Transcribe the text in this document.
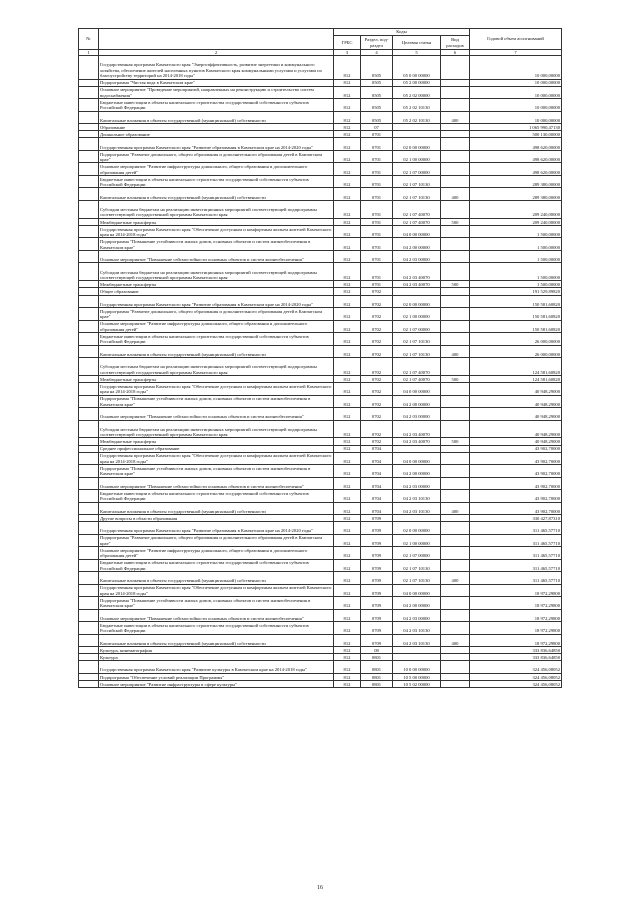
№		Коды				Годовой объем ассигнований
		ГРБС	Раздел, под-раздел	Целевая статья	Вид расходов	
1	2	3	4	5	6	7
	Государственная программа Камчатского края "Энергоэффективность, развитие энергетики и коммунального хозяйства, обеспечение жителей населенных пунктов Камчатского края коммунальными услугами и услугами по благоустройству территорий на 2014-2018 годы"	812	0505	05 0 00 00000		10 000,00000
	Подпрограмма "Чистая вода в Камчатском крае"	812	0505	05 2 00 00000		10 000,00000
	Основное мероприятие "Проведение мероприятий, направленных на реконструкцию и строительство систем водоснабжения"	812	0505	05 2 02 00000		10 000,00000
	Бюджетные инвестиции в объекты капитального строительства государственной собственности субъектов Российской Федерации	812	0505	05 2 02 10130		10 000,00000
	Капитальные вложения в объекты государственной (муниципальной) собственности	812	0505	05 2 02 10130	400	10 000,00000
	Образование	812	07			1 065 990,47130
	Дошкольное образование	812	0701			500 130,00000
	Государственная программа Камчатского края "Развитие образования в Камчатском крае на 2014-2020 годы"	812	0701	02 0 00 00000		498 620,00000
	Подпрограмма "Развитие дошкольного, общего образования и дополнительного образования детей в Камчатском крае"	812	0701	02 1 00 00000		498 620,00000
	Основное мероприятие "Развитие инфраструктуры дошкольного, общего образования и дополнительного образования детей"	812	0701	02 1 07 00000		498 620,00000
	Бюджетные инвестиции в объекты капитального строительства государственной собственности субъектов Российской Федерации	812	0701	02 1 07 10130		289 380,00000
	Капитальные вложения в объекты государственной (муниципальной) собственности	812	0701	02 1 07 10130	400	289 380,00000
	Субсидии местным бюджетам на реализацию инвестиционных мероприятий соответствующей подпрограммы соответствующей государственной программы Камчатского края	812	0701	02 1 07 40070		209 240,00000
	Межбюджетные трансферты	812	0701	02 1 07 40070	500	209 240,00000
	Государственная программа Камчатского края "Обеспечение доступным и комфортным жильем жителей Камчатского края на 2014-2018 годы"	812	0701	04 0 00 00000		1 500,00000
	Подпрограмма "Повышение устойчивости жилых домов, основных объектов и систем жизнеобеспечения в Камчатском крае"	812	0701	04 2 00 00000		1 500,00000
	Основное мероприятие "Повышение сейсмостойкости основных объектов и систем жизнеобеспечения"	812	0701	04 2 03 00000		1 500,00000
	Субсидии местным бюджетам на реализацию инвестиционных мероприятий соответствующей подпрограммы соответствующей государственной программы Камчатского края	812	0701	04 2 03 40070		1 500,00000
	Межбюджетные трансферты	812	0701	04 2 03 40070	500	1 500,00000
	Общее образование	812	0702			191 529,89820
	Государственная программа Камчатского края "Развитие образования в Камчатском крае на 2014-2020 годы"	812	0702	02 0 00 00000		150 581,60820
	Подпрограмма "Развитие дошкольного, общего образования и дополнительного образования детей в Камчатском крае"	812	0702	02 1 00 00000		150 581,60820
	Основное мероприятие "Развитие инфраструктуры дошкольного, общего образования и дополнительного образования детей"	812	0702	02 1 07 00000		150 581,60820
	Бюджетные инвестиции в объекты капитального строительства государственной собственности субъектов Российской Федерации	812	0702	02 1 07 10130		26 000,00000
	Капитальные вложения в объекты государственной (муниципальной) собственности	812	0702	02 1 07 10130	400	26 000,00000
	Субсидии местным бюджетам на реализацию инвестиционных мероприятий соответствующей подпрограммы соответствующей государственной программы Камчатского края	812	0702	02 1 07 40070		124 581,60820
	Межбюджетные трансферты	812	0702	02 1 07 40070	500	124 581,60820
	Государственная программа Камчатского края "Обеспечение доступным и комфортным жильем жителей Камчатского края на 2014-2018 годы"	812	0702	04 0 00 00000		40 948,29000
	Подпрограмма "Повышение устойчивости жилых домов, основных объектов и систем жизнеобеспечения в Камчатском крае"	812	0702	04 2 00 00000		40 948,29000
	Основное мероприятие "Повышение сейсмостойкости основных объектов и систем жизнеобеспечения"	812	0702	04 2 03 00000		40 948,29000
	Субсидии местным бюджетам на реализацию инвестиционных мероприятий соответствующей подпрограммы соответствующей государственной программы Камчатского края	812	0702	04 2 03 40070		40 948,29000
	Межбюджетные трансферты	812	0702	04 2 03 40070	500	40 948,29000
	Среднее профессиональное образование	812	0704			43 902,70000
	Государственная программа Камчатского края "Обеспечение доступным и комфортным жильем жителей Камчатского края на 2014-2018 годы"	812	0704	04 0 00 00000		43 902,70000
	Подпрограмма "Повышение устойчивости жилых домов, основных объектов и систем жизнеобеспечения в Камчатском крае"	812	0704	04 2 00 00000		43 902,70000
	Основное мероприятие "Повышение сейсмостойкости основных объектов и систем жизнеобеспечения"	812	0704	04 2 03 00000		43 902,70000
	Бюджетные инвестиции в объекты капитального строительства государственной собственности субъектов Российской Федерации	812	0704	04 2 03 10130		43 902,70000
	Капитальные вложения в объекты государственной (муниципальной) собственности	812	0704	04 2 03 10130	400	43 902,70000
	Другие вопросы в области образования	812	0709			330 427,87310
	Государственная программа Камчатского края "Развитие образования в Камчатском крае на 2014-2020 годы"	812	0709	02 0 00 00000		311 465,57710
	Подпрограмма "Развитие дошкольного, общего образования и дополнительного образования детей в Камчатском крае"	812	0709	02 1 00 00000		311 465,57710
	Основное мероприятие "Развитие инфраструктуры дошкольного, общего образования и дополнительного образования детей"	812	0709	02 1 07 00000		311 465,57710
	Бюджетные инвестиции в объекты капитального строительства государственной собственности субъектов Российской Федерации	812	0709	02 1 07 10130		311 465,57710
	Капитальные вложения в объекты государственной (муниципальной) собственности	812	0709	02 1 07 10130	400	311 465,57710
	Государственная программа Камчатского края "Обеспечение доступным и комфортным жильем жителей Камчатского края на 2014-2018 годы"	812	0709	04 0 00 00000		18 972,29800
	Подпрограмма "Повышение устойчивости жилых домов, основных объектов и систем жизнеобеспечения в Камчатском крае"	812	0709	04 2 00 00000		18 972,29800
	Основное мероприятие "Повышение сейсмостойкости основных объектов и систем жизнеобеспечения"	812	0709	04 2 03 00000		18 972,29800
	Бюджетные инвестиции в объекты капитального строительства государственной собственности субъектов Российской Федерации	812	0709	04 2 03 10130		18 972,29800
	Капитальные вложения в объекты государственной (муниципальной) собственности	812	0709	04 2 03 10130	400	18 972,29800
	Культура, кинематография	812	08			333 836,64850
	Культура	812	0801			333 836,64850
	Государственная программа Камчатского края "Развитие культуры в Камчатском крае на 2014-2018 годы"	812	0801	10 0 00 00000		324 456,08052
	Подпрограмма "Обеспечение условий реализации Программы"	812	0801	10 5 00 00000		324 456,08052
	Основное мероприятие "Развитие инфраструктуры в сфере культуры"	812	0801	10 5 02 00000		324 456,08052
16
